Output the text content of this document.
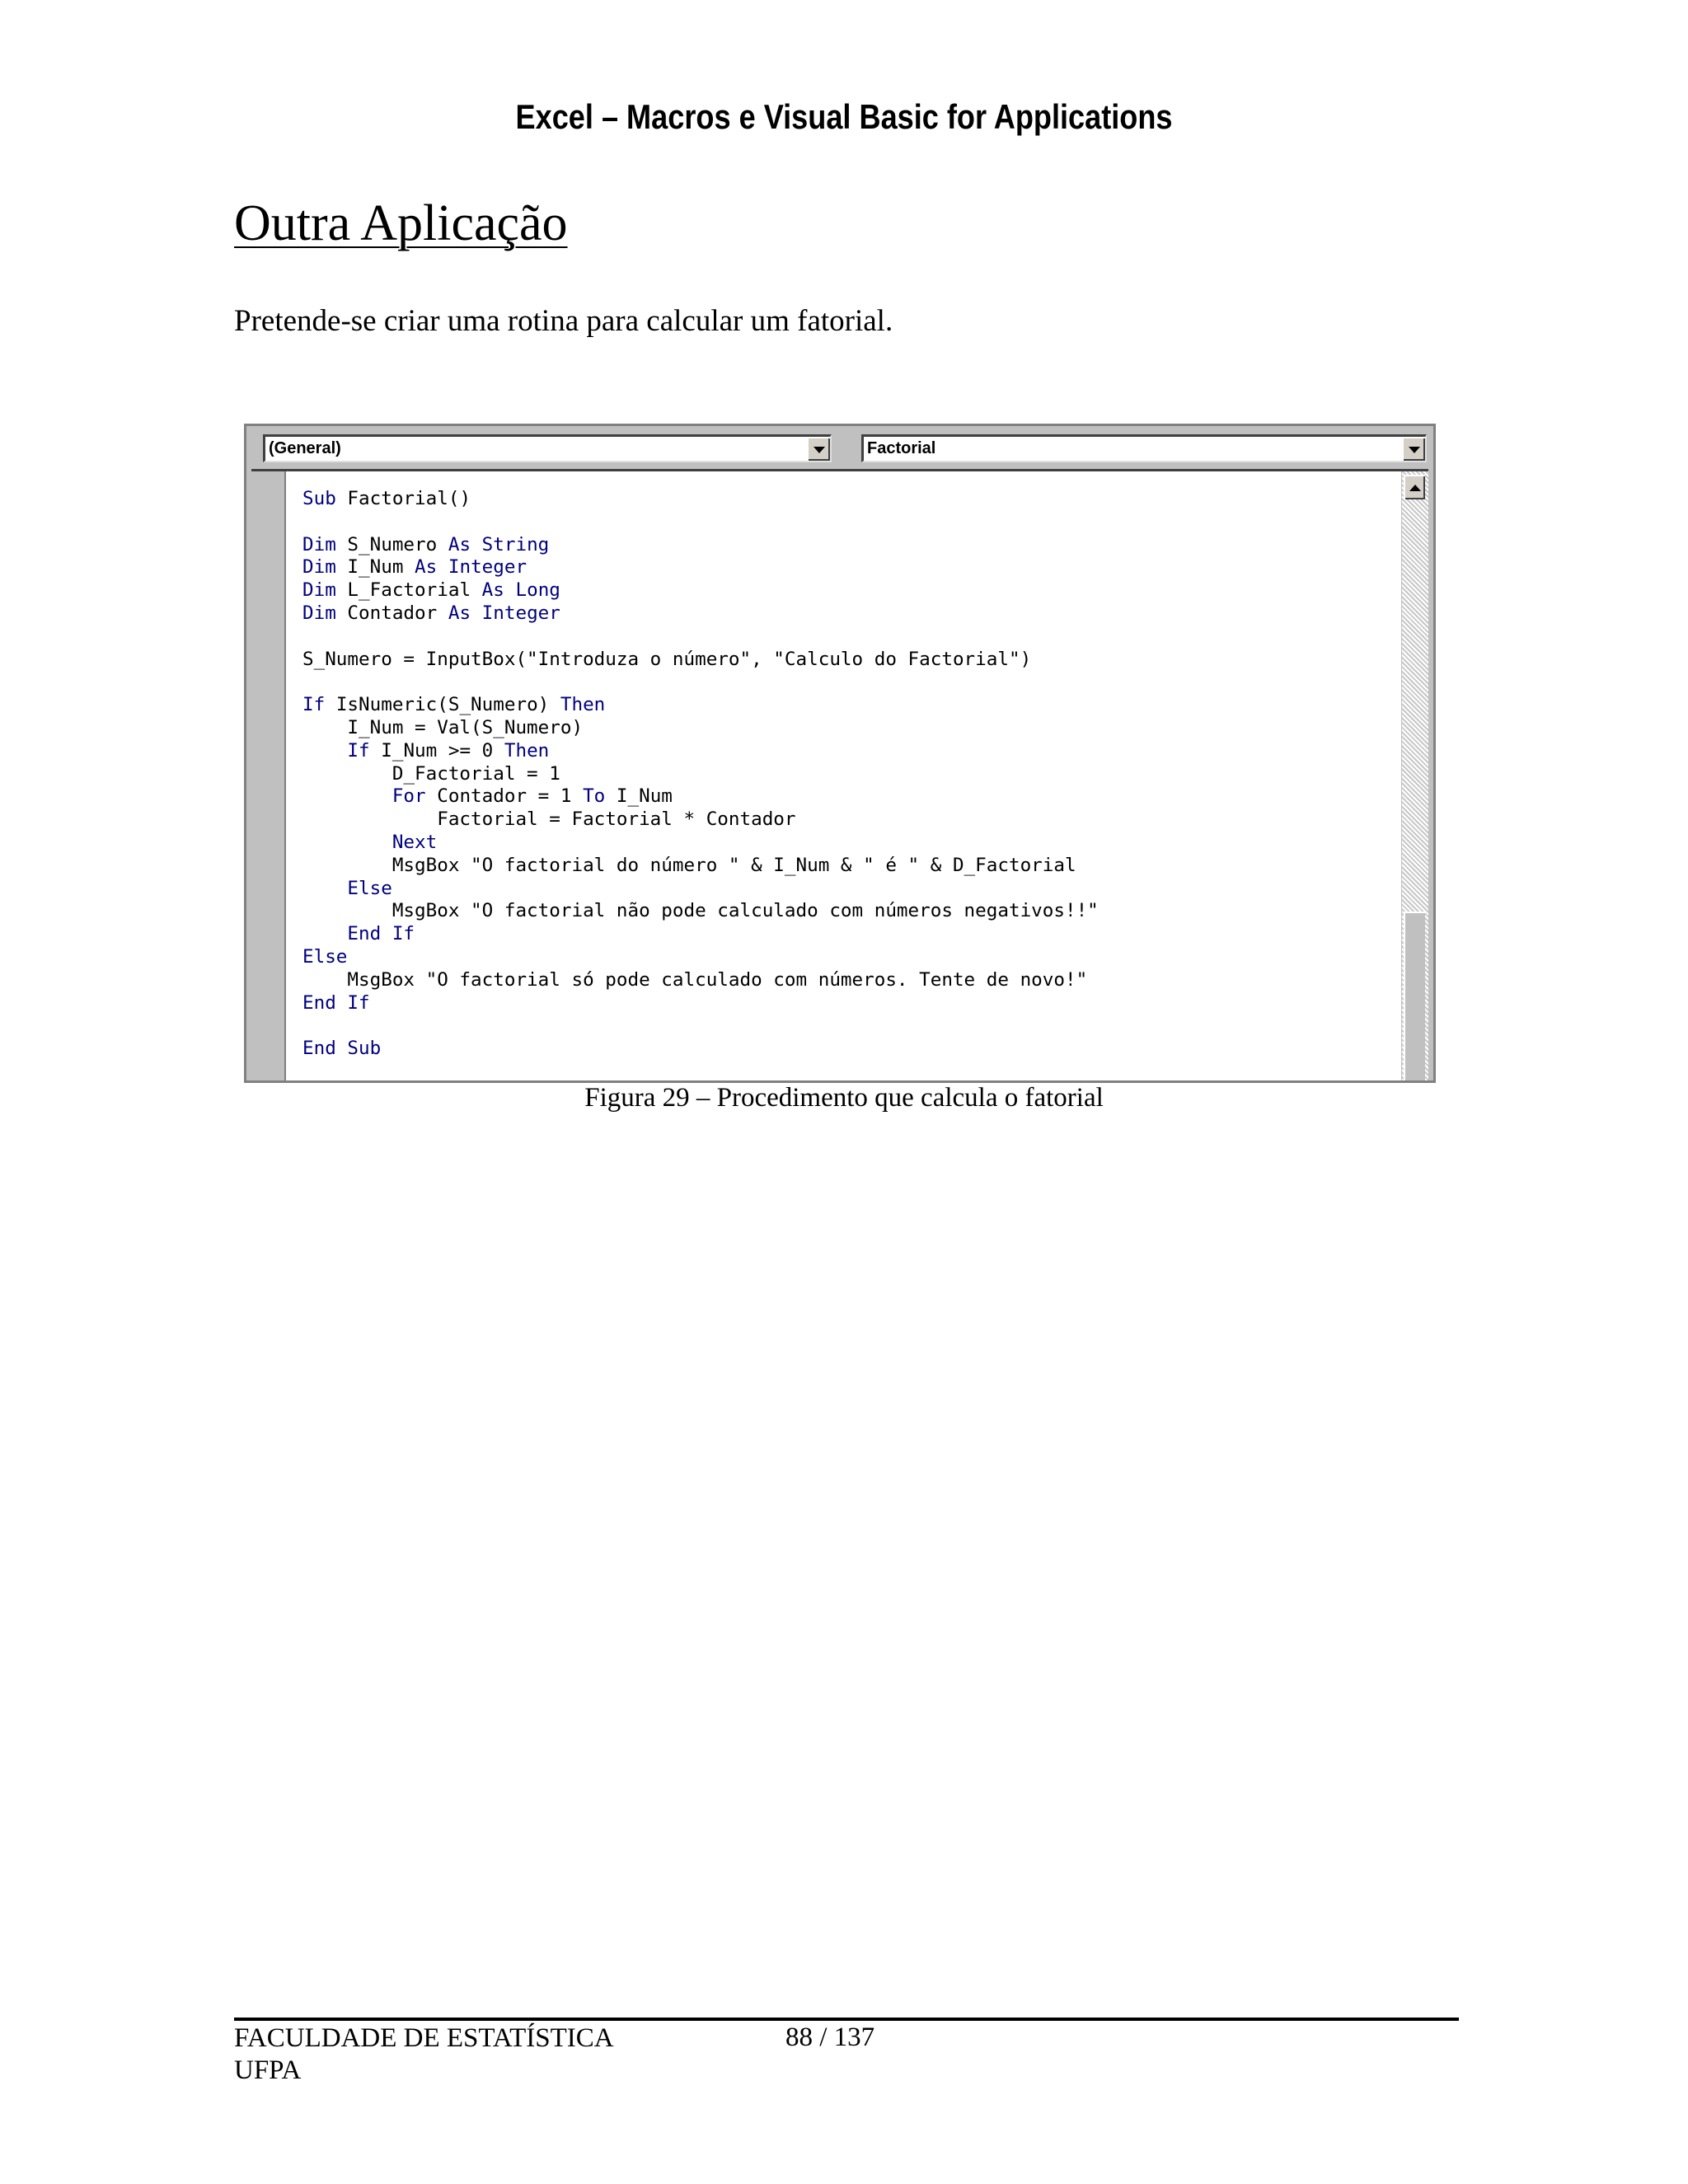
Excel – Macros e Visual Basic for Applications
Outra Aplicação
Pretende-se criar uma rotina para calcular um fatorial.
(General)	Factorial
Sub Factorial()

Dim S_Numero As String
Dim I_Num As Integer
Dim L_Factorial As Long
Dim Contador As Integer

S_Numero = InputBox("Introduza o número", "Calculo do Factorial")

If IsNumeric(S_Numero) Then
I_Num = Val(S_Numero)
If I_Num >= 0 Then
D_Factorial = 1
For Contador = 1 To I_Num
Factorial = Factorial * Contador
Next
MsgBox "O factorial do número " & I_Num & " é " & D_Factorial
Else
MsgBox "O factorial não pode calculado com números negativos!!"
End If
Else
MsgBox "O factorial só pode calculado com números. Tente de novo!"
End If

End Sub
Figura 29 – Procedimento que calcula o fatorial
FACULDADE DE ESTATÍSTICA
UFPA
88 / 137
